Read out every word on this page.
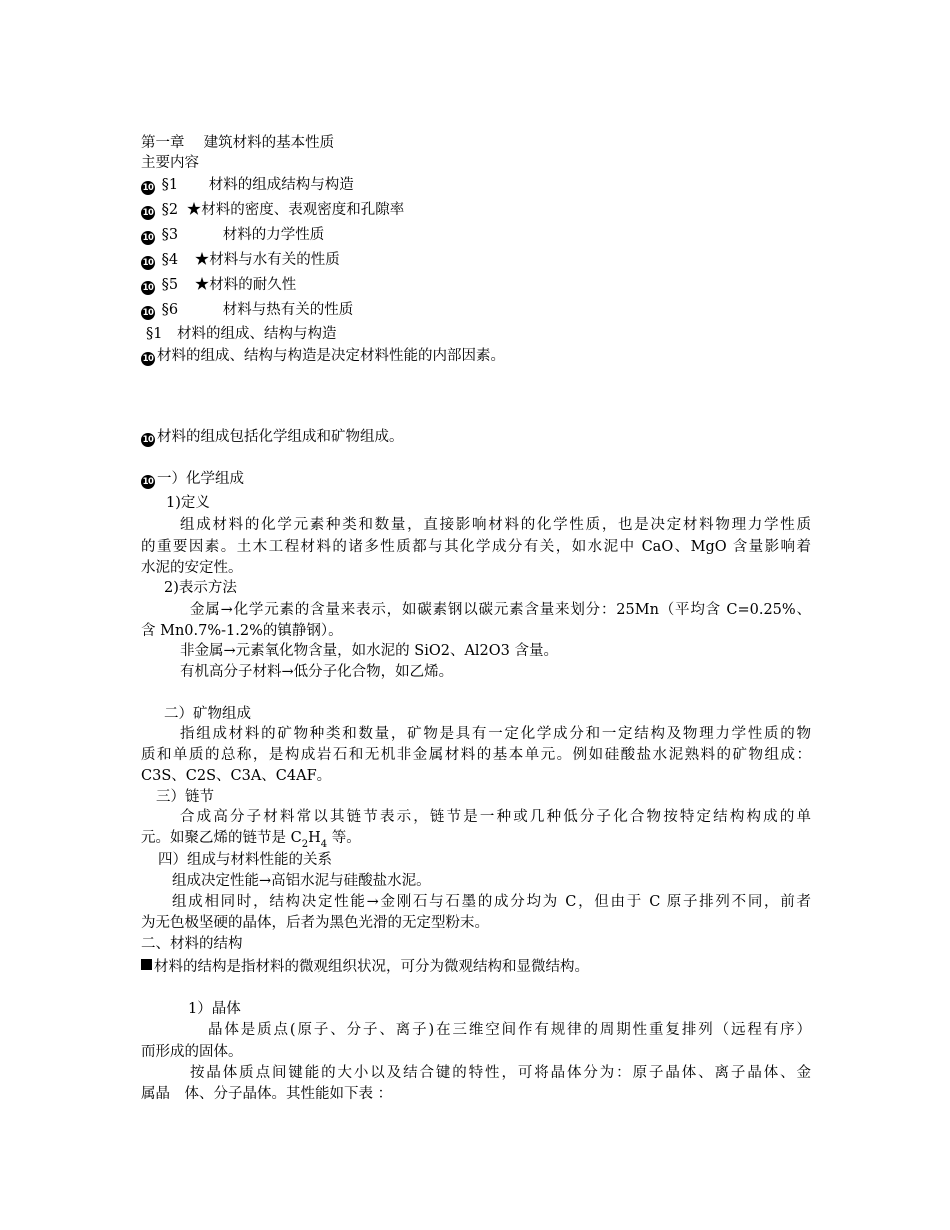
第一章　 建筑材料的基本性质
主要内容
10 §1 材料的组成结构与构造
10 §2 ★材料的密度、表观密度和孔隙率
10 §3	材料的力学性质
10 §4 ★材料与水有关的性质
10 §5 ★材料的耐久性
10 §6	材料与热有关的性质
§1　材料的组成、结构与构造
10 材料的组成、结构与构造是决定材料性能的内部因素。
10 材料的组成包括化学组成和矿物组成。
10 一）化学组成
1)定义
组成材料的化学元素种类和数量，直接影响材料的化学性质，也是决定材料物理力学性质
的重要因素。土木工程材料的诸多性质都与其化学成分有关，如水泥中 CaO、MgO 含量影响着
水泥的安定性。
2)表示方法
金属→化学元素的含量来表示，如碳素钢以碳元素含量来划分：25Mn（平均含 C=0.25%、
含 Mn0.7%-1.2%的镇静钢）。
非金属→元素氧化物含量，如水泥的 SiO2、Al2O3 含量。
有机高分子材料→低分子化合物，如乙烯。
二）矿物组成
指组成材料的矿物种类和数量，矿物是具有一定化学成分和一定结构及物理力学性质的物
质和单质的总称，是构成岩石和无机非金属材料的基本单元。例如硅酸盐水泥熟料的矿物组成：
C3S、C2S、C3A、C4AF。
三）链节
合成高分子材料常以其链节表示，链节是一种或几种低分子化合物按特定结构构成的单
元。如聚乙烯的链节是 $C_2H_4$ 等。
四）组成与材料性能的关系
组成决定性能→高铝水泥与硅酸盐水泥。
组成相同时，结构决定性能→金刚石与石墨的成分均为 C，但由于 C 原子排列不同，前者
为无色极坚硬的晶体，后者为黑色光滑的无定型粉末。
二、材料的结构
材料的结构是指材料的微观组织状况，可分为微观结构和显微结构。
1）晶体
晶体是质点(原子、分子、离子)在三维空间作有规律的周期性重复排列（远程有序）
而形成的固体。
按晶体质点间键能的大小以及结合键的特性，可将晶体分为：原子晶体、离子晶体、金
属晶　体、分子晶体。其性能如下表 ：
